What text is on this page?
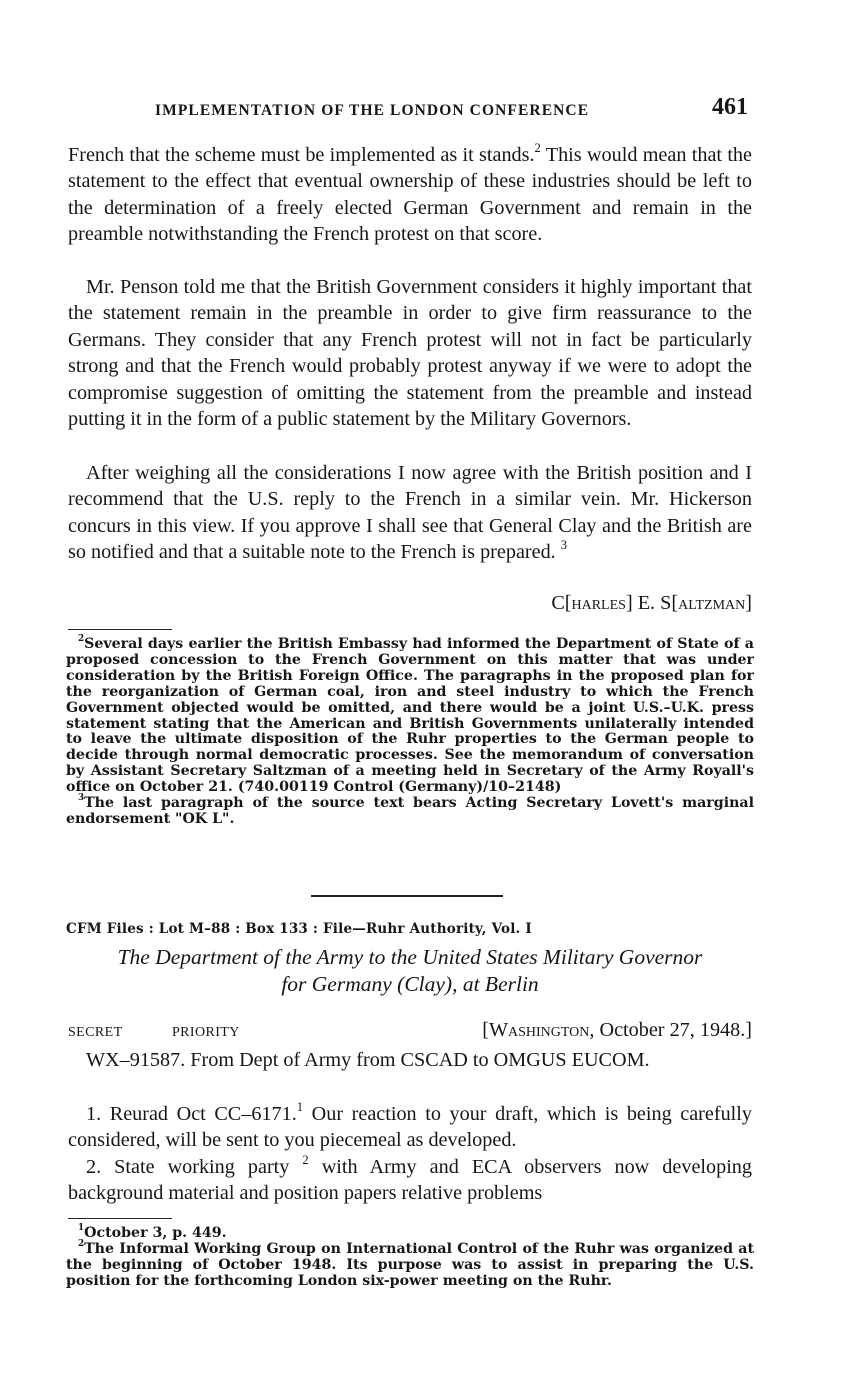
IMPLEMENTATION OF THE LONDON CONFERENCE	461

French that the scheme must be implemented as it stands.$^2$ This would mean that the statement to the effect that eventual ownership of these industries should be left to the determination of a freely elected German Government and remain in the preamble notwithstanding the French protest on that score.

Mr. Penson told me that the British Government considers it highly important that the statement remain in the preamble in order to give firm reassurance to the Germans. They consider that any French protest will not in fact be particularly strong and that the French would probably protest anyway if we were to adopt the compromise suggestion of omitting the statement from the preamble and instead putting it in the form of a public statement by the Military Governors.

After weighing all the considerations I now agree with the British position and I recommend that the U.S. reply to the French in a similar vein. Mr. Hickerson concurs in this view. If you approve I shall see that General Clay and the British are so notified and that a suitable note to the French is prepared. $^3$

C[harles] E. S[altzman]

$^2$Several days earlier the British Embassy had informed the Department of State of a proposed concession to the French Government on this matter that was under consideration by the British Foreign Office. The paragraphs in the proposed plan for the reorganization of German coal, iron and steel industry to which the French Government objected would be omitted, and there would be a joint U.S.–U.K. press statement stating that the American and British Governments unilaterally intended to leave the ultimate disposition of the Ruhr properties to the German people to decide through normal democratic processes. See the memorandum of conversation by Assistant Secretary Saltzman of a meeting held in Secretary of the Army Royall's office on October 21. (740.00119 Control (Germany)/10–2148)

$^3$The last paragraph of the source text bears Acting Secretary Lovett's marginal endorsement "OK L".

CFM Files : Lot M–88 : Box 133 : File—Ruhr Authority, Vol. I
The Department of the Army to the United States Military Governor
for Germany (Clay), at Berlin
SECRET	PRIORITY	[Washington, October 27, 1948.]

WX–91587. From Dept of Army from CSCAD to OMGUS EUCOM.

1. Reurad Oct CC–6171.$^1$ Our reaction to your draft, which is being carefully considered, will be sent to you piecemeal as developed.

2. State working party $^2$ with Army and ECA observers now developing background material and position papers relative problems

$^1$October 3, p. 449.

$^2$The Informal Working Group on International Control of the Ruhr was organized at the beginning of October 1948. Its purpose was to assist in preparing the U.S. position for the forthcoming London six-power meeting on the Ruhr.
